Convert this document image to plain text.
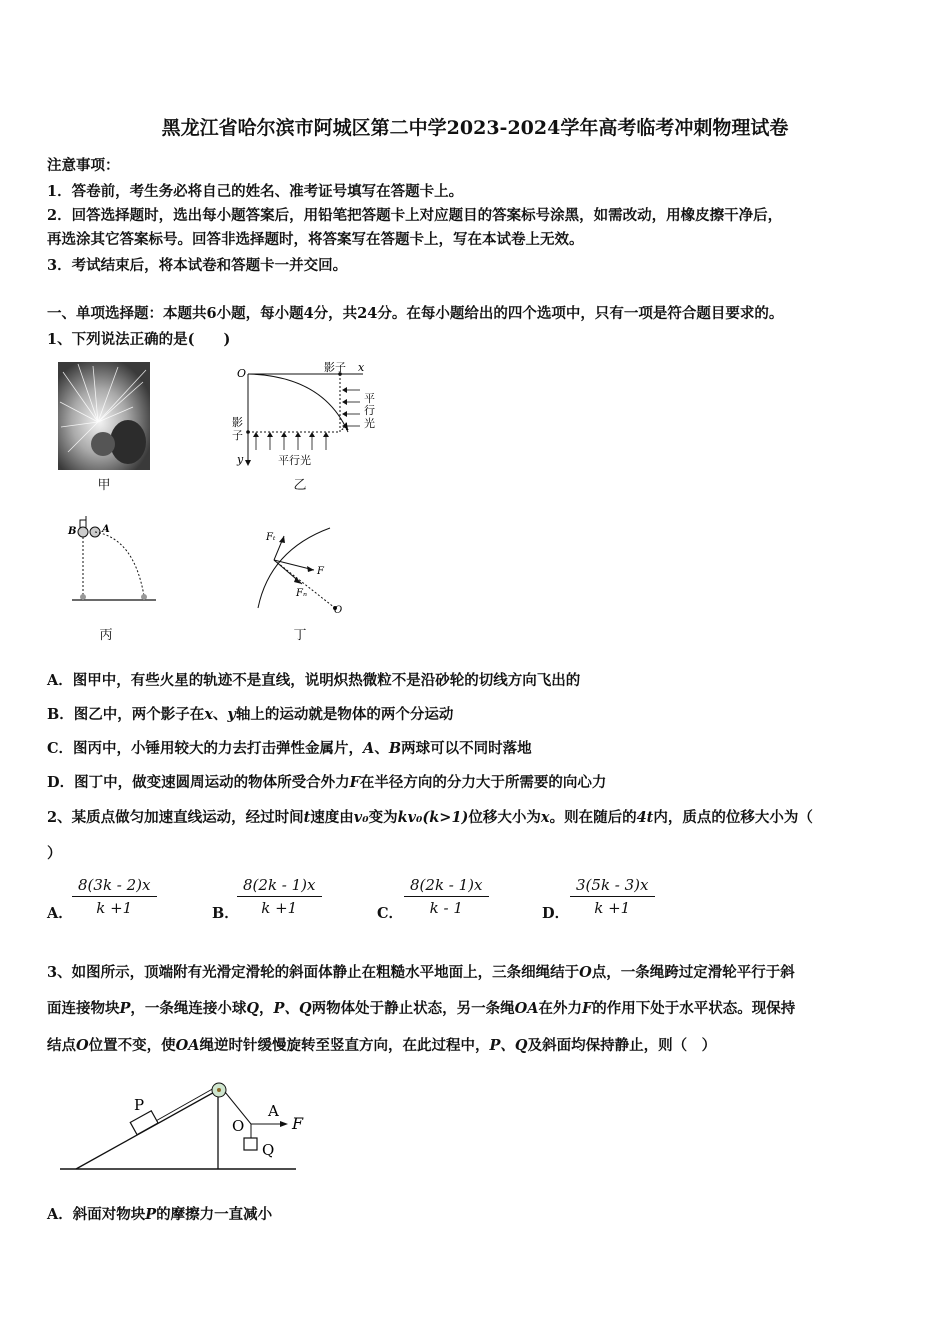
黑龙江省哈尔滨市阿城区第二中学2023-2024学年高考临考冲刺物理试卷
注意事项：
1．答卷前，考生务必将自己的姓名、准考证号填写在答题卡上。
2．回答选择题时，选出每小题答案后，用铅笔把答题卡上对应题目的答案标号涂黑，如需改动，用橡皮擦干净后，
再选涂其它答案标号。回答非选择题时，将答案写在答题卡上，写在本试卷上无效。
3．考试结束后，将本试卷和答题卡一并交回。
一、单项选择题：本题共6小题，每小题4分，共24分。在每小题给出的四个选项中，只有一项是符合题目要求的。
1、下列说法正确的是(　　)
甲
O	影子 x
平
行
光
A
影
子
y	平行光
乙
B	A
丙
Fₜ
F
Fₙ
O
丁
A．图甲中，有些火星的轨迹不是直线，说明炽热微粒不是沿砂轮的切线方向飞出的
B．图乙中，两个影子在x、y轴上的运动就是物体的两个分运动
C．图丙中，小锤用较大的力去打击弹性金属片，A、B两球可以不同时落地
D．图丁中，做变速圆周运动的物体所受合外力F在半径方向的分力大于所需要的向心力
2、某质点做匀加速直线运动，经过时间t速度由v₀变为kv₀(k>1)位移大小为x。则在随后的4t内，质点的位移大小为（
）
A． $\frac{8(3k - 2)x}{k +1}$	B．
$\frac{8(2k - 1)x}{k +1}$	C． $\frac{8(2k - 1)x}{k - 1}$	D． $\frac{3(5k - 3)x}{k +1}$
3、如图所示，顶端附有光滑定滑轮的斜面体静止在粗糙水平地面上，三条细绳结于O点，一条绳跨过定滑轮平行于斜
面连接物块P，一条绳连接小球Q，P、Q两物体处于静止状态，另一条绳OA在外力F的作用下处于水平状态。现保持
结点O位置不变，使OA绳逆时针缓慢旋转至竖直方向，在此过程中，P、Q及斜面均保持静止，则（　）
P
O
A
F
Q
A．斜面对物块P的摩擦力一直减小
